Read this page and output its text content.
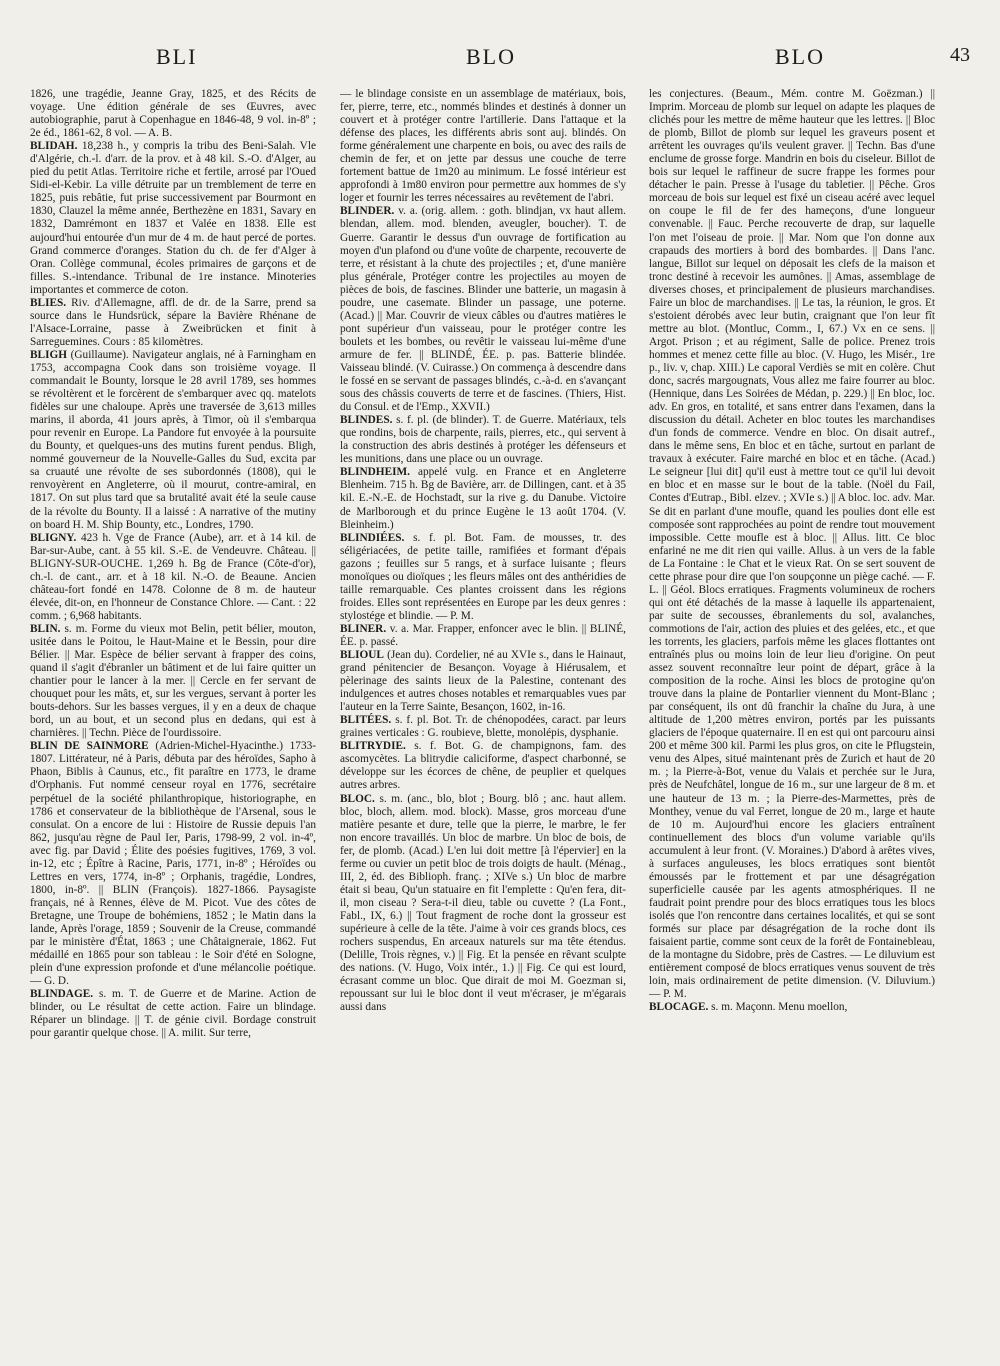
BLI	BLO	BLO	43

1826, une tragédie, Jeanne Gray, 1825, et des Récits de voyage. Une édition générale de ses Œuvres, avec autobiographie, parut à Copenhague en 1846-48, 9 vol. in-8º ; 2e éd., 1861-62, 8 vol. — A. B.

BLIDAH. 18,238 h., y compris la tribu des Beni-Salah. Vle d'Algérie, ch.-l. d'arr. de la prov. et à 48 kil. S.-O. d'Alger, au pied du petit Atlas. Territoire riche et fertile, arrosé par l'Oued Sidi-el-Kebir. La ville détruite par un tremblement de terre en 1825, puis rebâtie, fut prise successivement par Bourmont en 1830, Clauzel la même année, Berthezène en 1831, Savary en 1832, Damrémont en 1837 et Valée en 1838. Elle est aujourd'hui entourée d'un mur de 4 m. de haut percé de portes. Grand commerce d'oranges. Station du ch. de fer d'Alger à Oran. Collège communal, écoles primaires de garçons et de filles. S.-intendance. Tribunal de 1re instance. Minoteries importantes et commerce de coton.

BLIES. Riv. d'Allemagne, affl. de dr. de la Sarre, prend sa source dans le Hundsrück, sépare la Bavière Rhénane de l'Alsace-Lorraine, passe à Zweibrücken et finit à Sarreguemines. Cours : 85 kilomètres.

BLIGH (Guillaume). Navigateur anglais, né à Farningham en 1753, accompagna Cook dans son troisième voyage. Il commandait le Bounty, lorsque le 28 avril 1789, ses hommes se révoltèrent et le forcèrent de s'embarquer avec qq. matelots fidèles sur une chaloupe. Après une traversée de 3,613 milles marins, il aborda, 41 jours après, à Timor, où il s'embarqua pour revenir en Europe. La Pandore fut envoyée à la poursuite du Bounty, et quelques-uns des mutins furent pendus. Bligh, nommé gouverneur de la Nouvelle-Galles du Sud, excita par sa cruauté une révolte de ses subordonnés (1808), qui le renvoyèrent en Angleterre, où il mourut, contre-amiral, en 1817. On sut plus tard que sa brutalité avait été la seule cause de la révolte du Bounty. Il a laissé : A narrative of the mutiny on board H. M. Ship Bounty, etc., Londres, 1790.

BLIGNY. 423 h. Vge de France (Aube), arr. et à 14 kil. de Bar-sur-Aube, cant. à 55 kil. S.-E. de Vendeuvre. Château. || BLIGNY-SUR-OUCHE. 1,269 h. Bg de France (Côte-d'or), ch.-l. de cant., arr. et à 18 kil. N.-O. de Beaune. Ancien château-fort fondé en 1478. Colonne de 8 m. de hauteur élevée, dit-on, en l'honneur de Constance Chlore. — Cant. : 22 comm. ; 6,968 habitants.

BLIN. s. m. Forme du vieux mot Belin, petit bélier, mouton, usitée dans le Poitou, le Haut-Maine et le Bessin, pour dire Bélier. || Mar. Espèce de bélier servant à frapper des coins, quand il s'agit d'ébranler un bâtiment et de lui faire quitter un chantier pour le lancer à la mer. || Cercle en fer servant de chouquet pour les mâts, et, sur les vergues, servant à porter les bouts-dehors. Sur les basses vergues, il y en a deux de chaque bord, un au bout, et un second plus en dedans, qui est à charnières. || Techn. Pièce de l'ourdissoire.

BLIN DE SAINMORE (Adrien-Michel-Hyacinthe.) 1733-1807. Littérateur, né à Paris, débuta par des héroïdes, Sapho à Phaon, Biblis à Caunus, etc., fit paraître en 1773, le drame d'Orphanis. Fut nommé censeur royal en 1776, secrétaire perpétuel de la société philanthropique, historiographe, en 1786 et conservateur de la bibliothèque de l'Arsenal, sous le consulat. On a encore de lui : Histoire de Russie depuis l'an 862, jusqu'au règne de Paul Ier, Paris, 1798-99, 2 vol. in-4º, avec fig. par David ; Élite des poésies fugitives, 1769, 3 vol. in-12, etc ; Épître à Racine, Paris, 1771, in-8º ; Héroïdes ou Lettres en vers, 1774, in-8º ; Orphanis, tragédie, Londres, 1800, in-8º. || BLIN (François). 1827-1866. Paysagiste français, né à Rennes, élève de M. Picot. Vue des côtes de Bretagne, une Troupe de bohémiens, 1852 ; le Matin dans la lande, Après l'orage, 1859 ; Souvenir de la Creuse, commandé par le ministère d'État, 1863 ; une Châtaigneraie, 1862. Fut médaillé en 1865 pour son tableau : le Soir d'été en Sologne, plein d'une expression profonde et d'une mélancolie poétique. — G. D.

BLINDAGE. s. m. T. de Guerre et de Marine. Action de blinder, ou Le résultat de cette action. Faire un blindage. Réparer un blindage. || T. de génie civil. Bordage construit pour garantir quelque chose. || A. milit. Sur terre,

— le blindage consiste en un assemblage de matériaux, bois, fer, pierre, terre, etc., nommés blindes et destinés à donner un couvert et à protéger contre l'artillerie. Dans l'attaque et la défense des places, les différents abris sont auj. blindés. On forme généralement une charpente en bois, ou avec des rails de chemin de fer, et on jette par dessus une couche de terre fortement battue de 1m20 au minimum. Le fossé intérieur est approfondi à 1m80 environ pour permettre aux hommes de s'y loger et fournir les terres nécessaires au revêtement de l'abri.

BLINDER. v. a. (orig. allem. : goth. blindjan, vx haut allem. blendan, allem. mod. blenden, aveugler, boucher). T. de Guerre. Garantir le dessus d'un ouvrage de fortification au moyen d'un plafond ou d'une voûte de charpente, recouverte de terre, et résistant à la chute des projectiles ; et, d'une manière plus générale, Protéger contre les projectiles au moyen de pièces de bois, de fascines. Blinder une batterie, un magasin à poudre, une casemate. Blinder un passage, une poterne. (Acad.) || Mar. Couvrir de vieux câbles ou d'autres matières le pont supérieur d'un vaisseau, pour le protéger contre les boulets et les bombes, ou revêtir le vaisseau lui-même d'une armure de fer. || BLINDÉ, ÉE. p. pas. Batterie blindée. Vaisseau blindé. (V. Cuirasse.) On commença à descendre dans le fossé en se servant de passages blindés, c.-à-d. en s'avançant sous des châssis couverts de terre et de fascines. (Thiers, Hist. du Consul. et de l'Emp., XXVII.)

BLINDES. s. f. pl. (de blinder). T. de Guerre. Matériaux, tels que rondins, bois de charpente, rails, pierres, etc., qui servent à la construction des abris destinés à protéger les défenseurs et les munitions, dans une place ou un ouvrage.

BLINDHEIM. appelé vulg. en France et en Angleterre Blenheim. 715 h. Bg de Bavière, arr. de Dillingen, cant. et à 35 kil. E.-N.-E. de Hochstadt, sur la rive g. du Danube. Victoire de Marlborough et du prince Eugène le 13 août 1704. (V. Bleinheim.)

BLINDIÉES. s. f. pl. Bot. Fam. de mousses, tr. des séligériacées, de petite taille, ramifiées et formant d'épais gazons ; feuilles sur 5 rangs, et à surface luisante ; fleurs monoïques ou dioïques ; les fleurs mâles ont des anthéridies de taille remarquable. Ces plantes croissent dans les régions froides. Elles sont représentées en Europe par les deux genres : stylostége et blindie. — P. M.

BLINER. v. a. Mar. Frapper, enfoncer avec le blin. || BLINÉ, ÉE. p. passé.

BLIOUL (Jean du). Cordelier, né au XVIe s., dans le Hainaut, grand pénitencier de Besançon. Voyage à Hiérusalem, et pèlerinage des saints lieux de la Palestine, contenant des indulgences et autres choses notables et remarquables vues par l'auteur en la Terre Sainte, Besançon, 1602, in-16.

BLITÉES. s. f. pl. Bot. Tr. de chénopodées, caract. par leurs graines verticales : G. roubieve, blette, monolépis, dysphanie.

BLITRYDIE. s. f. Bot. G. de champignons, fam. des ascomycètes. La blitrydie caliciforme, d'aspect charbonné, se développe sur les écorces de chêne, de peuplier et quelques autres arbres.

BLOC. s. m. (anc., blo, blot ; Bourg. blô ; anc. haut allem. bloc, bloch, allem. mod. block). Masse, gros morceau d'une matière pesante et dure, telle que la pierre, le marbre, le fer non encore travaillés. Un bloc de marbre. Un bloc de bois, de fer, de plomb. (Acad.) L'en lui doit mettre [à l'épervier] en la ferme ou cuvier un petit bloc de trois doigts de hault. (Ménag., III, 2, éd. des Biblioph. franç. ; XIVe s.) Un bloc de marbre était si beau, Qu'un statuaire en fit l'emplette : Qu'en fera, dit-il, mon ciseau ? Sera-t-il dieu, table ou cuvette ? (La Font., Fabl., IX, 6.) || Tout fragment de roche dont la grosseur est supérieure à celle de la tête. J'aime à voir ces grands blocs, ces rochers suspendus, En arceaux naturels sur ma tête étendus. (Delille, Trois règnes, v.) || Fig. Et la pensée en rêvant sculpte des nations. (V. Hugo, Voix intér., 1.) || Fig. Ce qui est lourd, écrasant comme un bloc. Que dirait de moi M. Goezman si, repoussant sur lui le bloc dont il veut m'écraser, je m'égarais aussi dans

les conjectures. (Beaum., Mém. contre M. Goëzman.) || Imprim. Morceau de plomb sur lequel on adapte les plaques de clichés pour les mettre de même hauteur que les lettres. || Bloc de plomb, Billot de plomb sur lequel les graveurs posent et arrêtent les ouvrages qu'ils veulent graver. || Techn. Bas d'une enclume de grosse forge. Mandrin en bois du ciseleur. Billot de bois sur lequel le raffineur de sucre frappe les formes pour détacher le pain. Presse à l'usage du tabletier. || Pêche. Gros morceau de bois sur lequel est fixé un ciseau acéré avec lequel on coupe le fil de fer des hameçons, d'une longueur convenable. || Fauc. Perche recouverte de drap, sur laquelle l'on met l'oiseau de proie. || Mar. Nom que l'on donne aux crapauds des mortiers à bord des bombardes. || Dans l'anc. langue, Billot sur lequel on déposait les clefs de la maison et tronc destiné à recevoir les aumônes. || Amas, assemblage de diverses choses, et principalement de plusieurs marchandises. Faire un bloc de marchandises. || Le tas, la réunion, le gros. Et s'estoient dérobés avec leur butin, craignant que l'on leur fît mettre au blot. (Montluc, Comm., I, 67.) Vx en ce sens. || Argot. Prison ; et au régiment, Salle de police. Prenez trois hommes et menez cette fille au bloc. (V. Hugo, les Misér., 1re p., liv. v, chap. XIII.) Le caporal Verdiès se mit en colère. Chut donc, sacrés margougnats, Vous allez me faire fourrer au bloc. (Hennique, dans Les Soirées de Médan, p. 229.) || En bloc, loc. adv. En gros, en totalité, et sans entrer dans l'examen, dans la discussion du détail. Acheter en bloc toutes les marchandises d'un fonds de commerce. Vendre en bloc. On disait autref., dans le même sens, En bloc et en tâche, surtout en parlant de travaux à exécuter. Faire marché en bloc et en tâche. (Acad.) Le seigneur [lui dit] qu'il eust à mettre tout ce qu'il lui devoit en bloc et en masse sur le bout de la table. (Noël du Fail, Contes d'Eutrap., Bibl. elzev. ; XVIe s.) || A bloc. loc. adv. Mar. Se dit en parlant d'une moufle, quand les poulies dont elle est composée sont rapprochées au point de rendre tout mouvement impossible. Cette moufle est à bloc. || Allus. litt. Ce bloc enfariné ne me dit rien qui vaille. Allus. à un vers de la fable de La Fontaine : le Chat et le vieux Rat. On se sert souvent de cette phrase pour dire que l'on soupçonne un piège caché. — F. L. || Géol. Blocs erratiques. Fragments volumineux de rochers qui ont été détachés de la masse à laquelle ils appartenaient, par suite de secousses, ébranlements du sol, avalanches, commotions de l'air, action des pluies et des gelées, etc., et que les torrents, les glaciers, parfois même les glaces flottantes ont entraînés plus ou moins loin de leur lieu d'origine. On peut assez souvent reconnaître leur point de départ, grâce à la composition de la roche. Ainsi les blocs de protogine qu'on trouve dans la plaine de Pontarlier viennent du Mont-Blanc ; par conséquent, ils ont dû franchir la chaîne du Jura, à une altitude de 1,200 mètres environ, portés par les puissants glaciers de l'époque quaternaire. Il en est qui ont parcouru ainsi 200 et même 300 kil. Parmi les plus gros, on cite le Pflugstein, venu des Alpes, situé maintenant près de Zurich et haut de 20 m. ; la Pierre-à-Bot, venue du Valais et perchée sur le Jura, près de Neufchâtel, longue de 16 m., sur une largeur de 8 m. et une hauteur de 13 m. ; la Pierre-des-Marmettes, près de Monthey, venue du val Ferret, longue de 20 m., large et haute de 10 m. Aujourd'hui encore les glaciers entraînent continuellement des blocs d'un volume variable qu'ils accumulent à leur front. (V. Moraines.) D'abord à arêtes vives, à surfaces anguleuses, les blocs erratiques sont bientôt émoussés par le frottement et par une désagrégation superficielle causée par les agents atmosphériques. Il ne faudrait point prendre pour des blocs erratiques tous les blocs isolés que l'on rencontre dans certaines localités, et qui se sont formés sur place par désagrégation de la roche dont ils faisaient partie, comme sont ceux de la forêt de Fontainebleau, de la montagne du Sidobre, près de Castres. — Le diluvium est entièrement composé de blocs erratiques venus souvent de très loin, mais ordinairement de petite dimension. (V. Diluvium.) — P. M.

BLOCAGE. s. m. Maçonn. Menu moellon,
